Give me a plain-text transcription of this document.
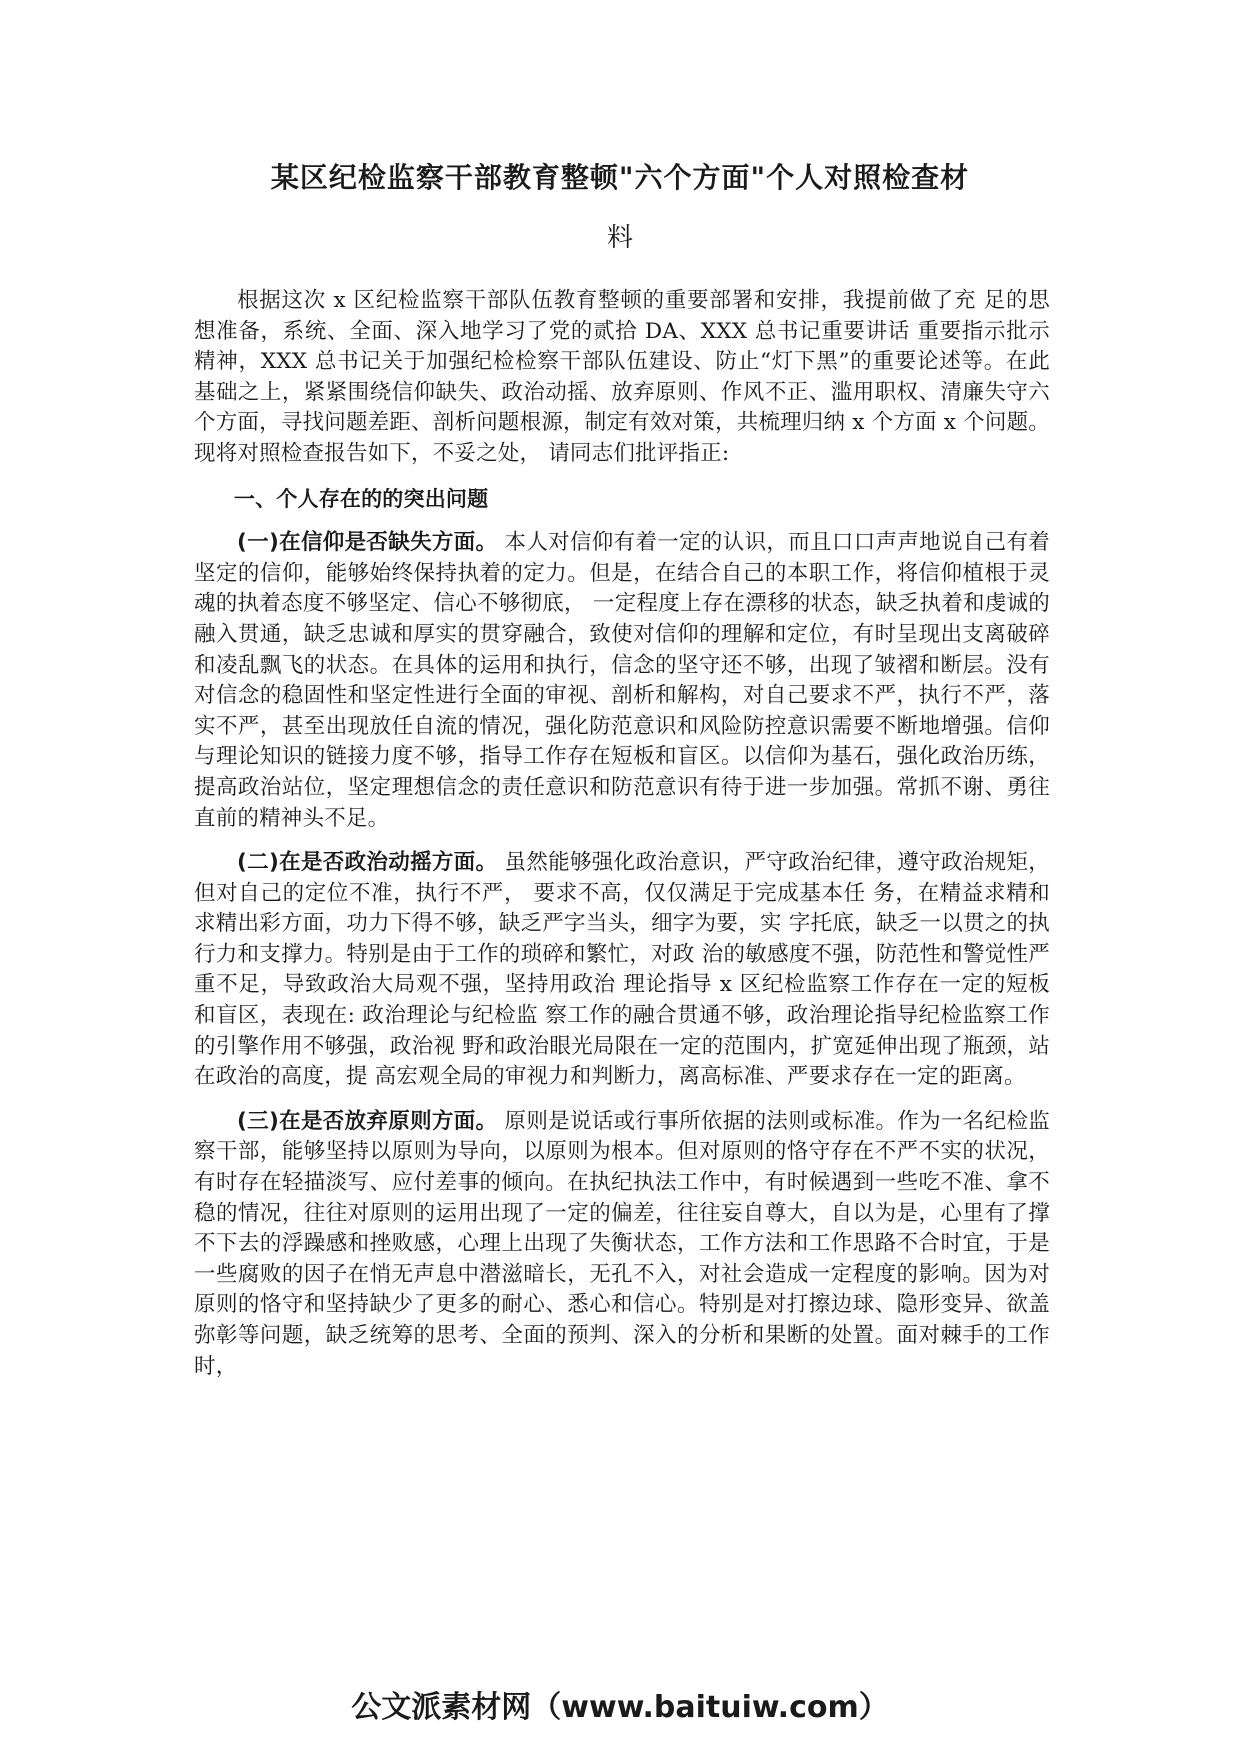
某区纪检监察干部教育整顿"六个方面"个人对照检查材

料

根据这次 x 区纪检监察干部队伍教育整顿的重要部署和安排，我提前做了充 足的思想准备，系统、全面、深入地学习了党的贰拾 DA、XXX 总书记重要讲话 重要指示批示精神，XXX 总书记关于加强纪检检察干部队伍建设、防止“灯下黑”的重要论述等。在此基础之上，紧紧围绕信仰缺失、政治动摇、放弃原则、作风不正、滥用职权、清廉失守六个方面，寻找问题差距、剖析问题根源，制定有效对策，共梳理归纳 x 个方面 x 个问题。现将对照检查报告如下，不妥之处， 请同志们批评指正:

一、个人存在的的突出问题

(一)在信仰是否缺失方面。 本人对信仰有着一定的认识，而且口口声声地说自己有着坚定的信仰，能够始终保持执着的定力。但是，在结合自己的本职工作，将信仰植根于灵魂的执着态度不够坚定、信心不够彻底， 一定程度上存在漂移的状态，缺乏执着和虔诚的融入贯通，缺乏忠诚和厚实的贯穿融合，致使对信仰的理解和定位，有时呈现出支离破碎和凌乱飘飞的状态。在具体的运用和执行，信念的坚守还不够，出现了皱褶和断层。没有对信念的稳固性和坚定性进行全面的审视、剖析和解构，对自己要求不严，执行不严，落实不严，甚至出现放任自流的情况，强化防范意识和风险防控意识需要不断地增强。信仰与理论知识的链接力度不够，指导工作存在短板和盲区。以信仰为基石，强化政治历练，提高政治站位，坚定理想信念的责任意识和防范意识有待于进一步加强。常抓不谢、勇往直前的精神头不足。

(二)在是否政治动摇方面。 虽然能够强化政治意识，严守政治纪律，遵守政治规矩，但对自己的定位不准，执行不严， 要求不高，仅仅满足于完成基本任 务，在精益求精和求精出彩方面，功力下得不够，缺乏严字当头，细字为要，实 字托底，缺乏一以贯之的执行力和支撑力。特别是由于工作的琐碎和繁忙，对政 治的敏感度不强，防范性和警觉性严重不足，导致政治大局观不强，坚持用政治 理论指导 x 区纪检监察工作存在一定的短板和盲区，表现在: 政治理论与纪检监 察工作的融合贯通不够，政治理论指导纪检监察工作的引擎作用不够强，政治视 野和政治眼光局限在一定的范围内，扩宽延伸出现了瓶颈，站在政治的高度，提 高宏观全局的审视力和判断力，离高标准、严要求存在一定的距离。

(三)在是否放弃原则方面。 原则是说话或行事所依据的法则或标准。作为一名纪检监察干部，能够坚持以原则为导向，以原则为根本。但对原则的恪守存在不严不实的状况，有时存在轻描淡写、应付差事的倾向。在执纪执法工作中，有时候遇到一些吃不准、拿不稳的情况，往往对原则的运用出现了一定的偏差，往往妄自尊大，自以为是，心里有了撑不下去的浮躁感和挫败感，心理上出现了失衡状态，工作方法和工作思路不合时宜，于是一些腐败的因子在悄无声息中潜滋暗长，无孔不入，对社会造成一定程度的影响。因为对原则的恪守和坚持缺少了更多的耐心、悉心和信心。特别是对打擦边球、隐形变异、欲盖弥彰等问题，缺乏统筹的思考、全面的预判、深入的分析和果断的处置。面对棘手的工作时，

公文派素材网（www.baituiw.com）
